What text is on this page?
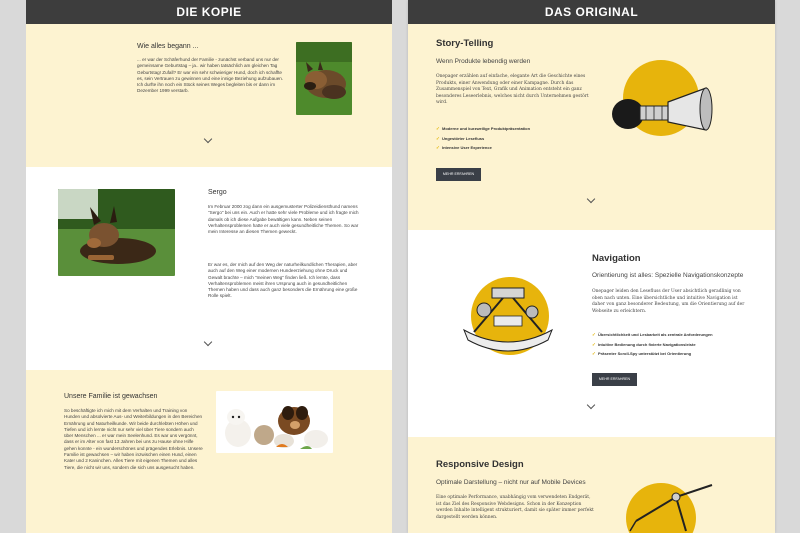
DIE KOPIE
Wie alles begann ...

... er war der Schäferhund der Familie - zunächst verband uns nur der gemeinsame Geburtstag – ja.. wir haben tatsächlich am gleichen Tag Geburtstag! Zufall? Er war ein sehr schwieriger Hund, doch ich schaffte es, sein Vertrauen zu gewinnen und eine innige Beziehung aufzubauen. Ich durfte ihn noch ein Stück seines Weges begleiten bis er dann im Dezember 1999 verstarb.

Sergo

Im Februar 2000 zog dann ein ausgemusterter Polizeidiensthund namens "Sergo" bei uns ein. Auch er hatte sehr viele Probleme und ich fragte mich damals ob ich diese Aufgabe bewältigen kann. Neben seinen Verhaltensproblemen hatte er auch viele gesundheitliche Themen. So war mein Interesse an diesen Themen geweckt.

Er war es, der mich auf den Weg der naturheilkundlichen Therapien, aber auch auf den Weg einer modernen Hundeerziehung ohne Druck und Gewalt brachte – mich "meinen Weg" finden ließ. Ich lernte, dass Verhaltensproblemen meist ihren Ursprung auch in gesundheitlichen Themen haben und dass auch ganz besonders die Ernährung eine große Rolle spielt.

Unsere Familie ist gewachsen

So beschäftigte ich mich mit dem Verhalten und Training von Hunden und absolvierte Aus- und Weiterbildungen in den Bereichen Ernährung und Naturheilkunde. Wir beide durchlebten Höhen und Tiefen und ich lernte nicht nur sehr viel über Tiere sondern auch über Menschen ... er war mein Seelenhund. Es war uns vergönnt, dass er im Alter von fast 13 Jahren bei uns zu Hause ohne Hilfe gehen konnte - ein wunderschönes und prägendes Erlebnis. Unsere Familie ist gewachsen – wir haben inzwischen einen Hund, einen Kater und 2 Kaninchen. Alles Tiere mit eigenen Themen und alles Tiere, die nicht wir uns, sondern die sich uns ausgesucht haben.

DAS ORIGINAL
Story-Telling
Wenn Produkte lebendig werden

Onepager erzählen auf einfache, elegante Art die Geschichte eines Produkts, einer Anwendung oder einer Kampagne. Durch das Zusammenspiel von Text, Grafik und Animation entsteht ein ganz besonderes Leseerlebnis, welches nicht durch Unternehmen gestört wird.

✓ Moderne und kurzweilige Produktpräsentation
✓ Ungestörter Lesefluss
✓ Intensive User Experience
MEHR ERFAHREN
Navigation
Orientierung ist alles: Spezielle Navigationskonzepte

Onepager leiden den Lesefluss der User absichtlich geradlinig von oben nach unten. Eine übersichtliche und intuitive Navigation ist daher von ganz besonderer Bedeutung, um die Orientierung auf der Webseite zu erleichtern.

✓ Übersichtlichkeit und Lesbarkeit als zentrale Anforderungen
✓ Intuitive Bedienung durch fixierte Navigationsleiste
✓ Präsenter Scroll-Spy unterstützt bei Orientierung
MEHR ERFAHREN
Responsive Design
Optimale Darstellung – nicht nur auf Mobile Devices

Eine optimale Performance, unabhängig vom verwendeten Endgerät, ist das Ziel des Responsive Webdesigns. Schon in der Konzeption werden Inhalte intelligent strukturiert, damit sie später immer perfekt dargestellt werden können.
